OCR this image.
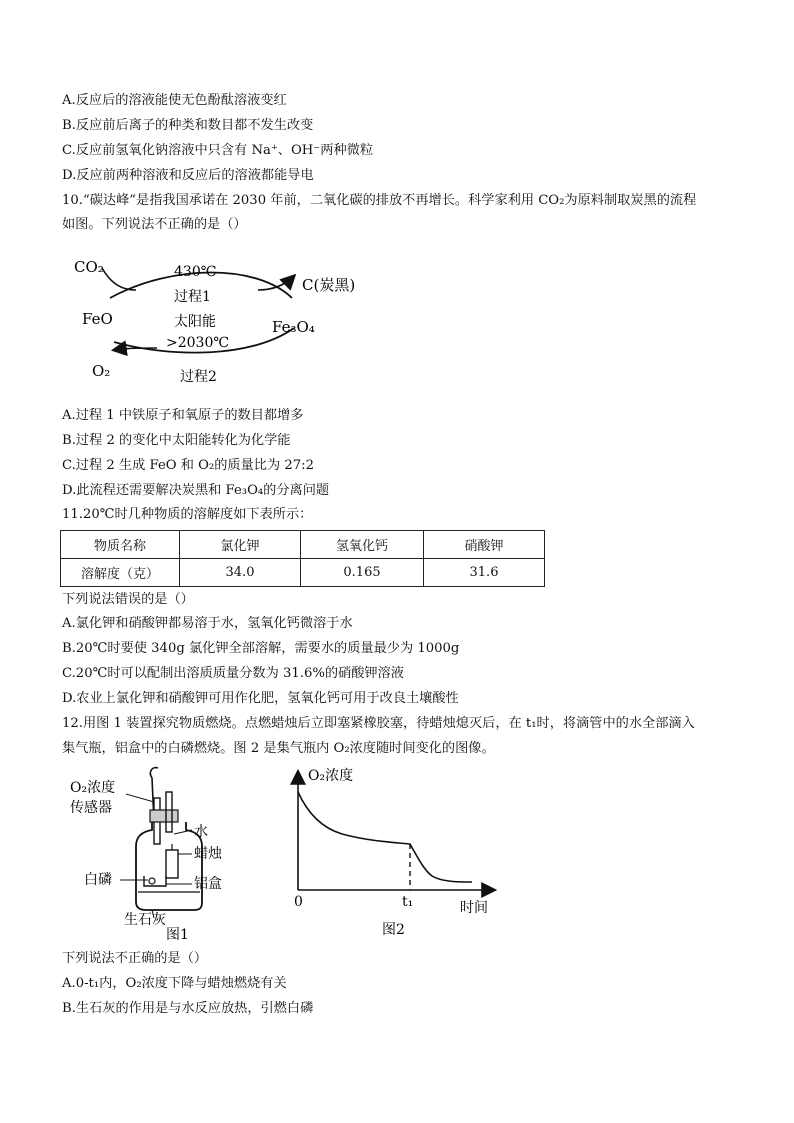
A.反应后的溶液能使无色酚酞溶液变红
B.反应前后离子的种类和数目都不发生改变
C.反应前氢氧化钠溶液中只含有 Na⁺、OH⁻两种微粒
D.反应前两种溶液和反应后的溶液都能导电
10.“碳达峰”是指我国承诺在 2030 年前，二氧化碳的排放不再增长。科学家利用 CO₂为原料制取炭黑的流程
如图。下列说法不正确的是（）
CO₂
FeO
O₂
C(炭黑)
Fe₃O₄
430℃
过程1
太阳能
>2030℃
过程2
A.过程 1 中铁原子和氧原子的数目都增多
B.过程 2 的变化中太阳能转化为化学能
C.过程 2 生成 FeO 和 O₂的质量比为 27:2
D.此流程还需要解决炭黑和 Fe₃O₄的分离问题
11.20℃时几种物质的溶解度如下表所示：
物质名称	氯化钾	氢氧化钙	硝酸钾
溶解度（克）	34.0	0.165	31.6
下列说法错误的是（）
A.氯化钾和硝酸钾都易溶于水，氢氧化钙微溶于水
B.20℃时要使 340g 氯化钾全部溶解，需要水的质量最少为 1000g
C.20℃时可以配制出溶质质量分数为 31.6%的硝酸钾溶液
D.农业上氯化钾和硝酸钾可用作化肥，氢氧化钙可用于改良土壤酸性
12.用图 1 装置探究物质燃烧。点燃蜡烛后立即塞紧橡胶塞，待蜡烛熄灭后，在 t₁时，将滴管中的水全部滴入
集气瓶，铝盒中的白磷燃烧。图 2 是集气瓶内 O₂浓度随时间变化的图像。
O₂浓度
传感器
水
蜡烛
白磷	铝盒
生石灰
图1
O₂浓度
0	t₁	时间
图2
下列说法不正确的是（）
A.0-t₁内，O₂浓度下降与蜡烛燃烧有关
B.生石灰的作用是与水反应放热，引燃白磷
